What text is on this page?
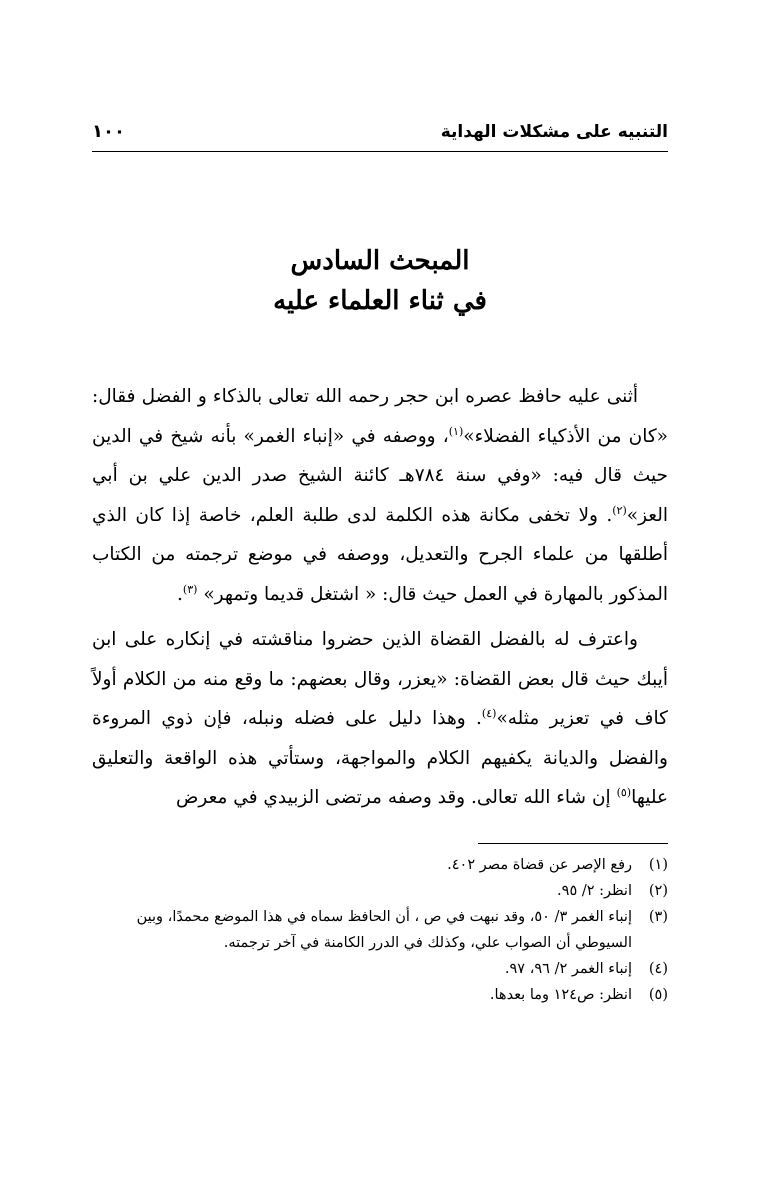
التنبيه على مشكلات الهداية
١٠٠
المبحث السادس
في ثناء العلماء عليه

أثنى عليه حافظ عصره ابن حجر رحمه الله تعالى بالذكاء و الفضل فقال: «كان من الأذكياء الفضلاء»$^{(١)}$، ووصفه في «إنباء الغمر» بأنه شيخ في الدين حيث قال فيه: «وفي سنة ٧٨٤هـ كائنة الشيخ صدر الدين علي بن أبي العز»$^{(٢)}$. ولا تخفى مكانة هذه الكلمة لدى طلبة العلم، خاصة إذا كان الذي أطلقها من علماء الجرح والتعديل، ووصفه في موضع ترجمته من الكتاب المذكور بالمهارة في العمل حيث قال: « اشتغل قديما وتمهر» $^{(٣)}$.

واعترف له بالفضل القضاة الذين حضروا مناقشته في إنكاره على ابن أيبك حيث قال بعض القضاة: «يعزر، وقال بعضهم: ما وقع منه من الكلام أولاً كاف في تعزير مثله»$^{(٤)}$. وهذا دليل على فضله ونبله، فإن ذوي المروءة والفضل والديانة يكفيهم الكلام والمواجهة، وستأتي هذه الواقعة والتعليق عليها$^{(٥)}$ إن شاء الله تعالى. وقد وصفه مرتضى الزبيدي في معرض

(١)
رفع الإصر عن قضاة مصر ٤٠٢.
(٢)
انظر: ٢/ ٩٥.
(٣)
إنباء الغمر ٣/ ٥٠، وقد نبهت في ص ، أن الحافظ سماه في هذا الموضع محمدًا، وبين السيوطي أن الصواب علي، وكذلك في الدرر الكامنة في آخر ترجمته.
(٤)
إنباء الغمر ٢/ ٩٦، ٩٧.
(٥)
انظر: ص١٢٤ وما بعدها.
